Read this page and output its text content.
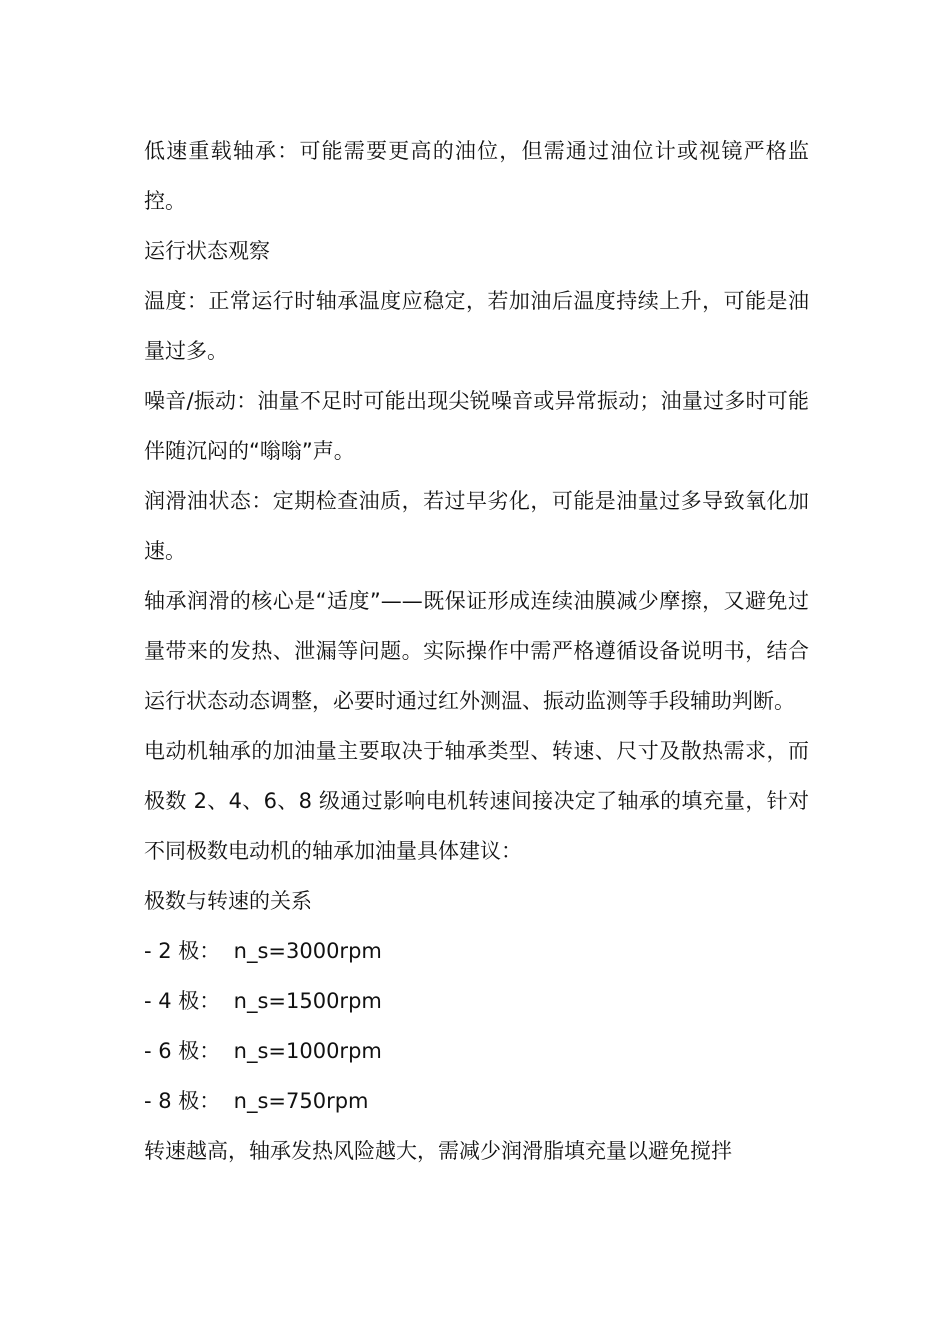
低速重载轴承：可能需要更高的油位，但需通过油位计或视镜严格监控。

运行状态观察

温度：正常运行时轴承温度应稳定，若加油后温度持续上升，可能是油量过多。

噪音/振动：油量不足时可能出现尖锐噪音或异常振动；油量过多时可能伴随沉闷的“嗡嗡”声。

润滑油状态：定期检查油质，若过早劣化，可能是油量过多导致氧化加速。

轴承润滑的核心是“适度”——既保证形成连续油膜减少摩擦，又避免过量带来的发热、泄漏等问题。实际操作中需严格遵循设备说明书，结合运行状态动态调整，必要时通过红外测温、振动监测等手段辅助判断。

电动机轴承的加油量主要取决于轴承类型、转速、尺寸及散热需求，而极数 2、4、6、8 级通过影响电机转速间接决定了轴承的填充量，针对不同极数电动机的轴承加油量具体建议：

极数与转速的关系

- 2 极：  n_s=3000rpm

- 4 极：  n_s=1500rpm

- 6 极：  n_s=1000rpm

- 8 极：  n_s=750rpm

转速越高，轴承发热风险越大，需减少润滑脂填充量以避免搅拌
